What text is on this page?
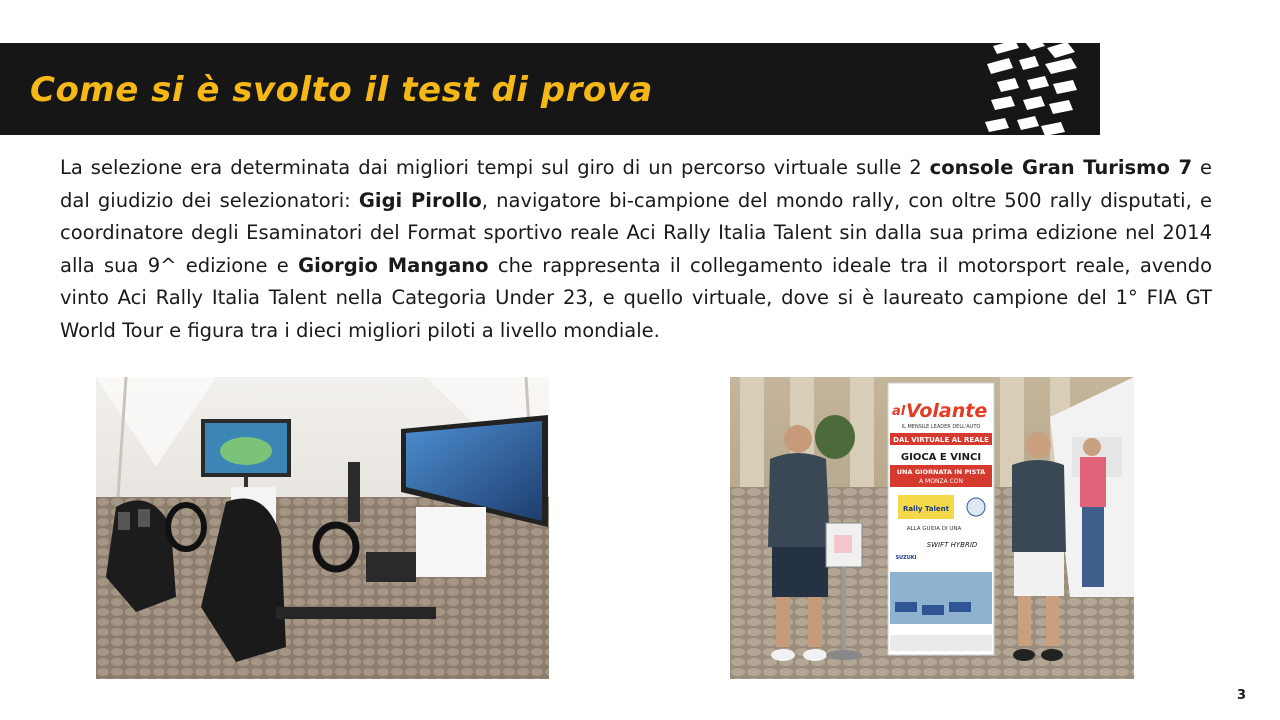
Come si è svolto il test di prova
La selezione era determinata dai migliori tempi sul giro di un percorso virtuale sulle 2 console Gran Turismo 7 e dal giudizio dei selezionatori: Gigi Pirollo, navigatore bi-campione del mondo rally, con oltre 500 rally disputati, e coordinatore degli Esaminatori del Format sportivo reale Aci Rally Italia Talent sin dalla sua prima edizione nel 2014 alla sua 9^ edizione e Giorgio Mangano che rappresenta il collegamento ideale tra il motorsport reale, avendo vinto Aci Rally Italia Talent nella Categoria Under 23, e quello virtuale, dove si è laureato campione del 1° FIA GT World Tour e figura tra i dieci migliori piloti a livello mondiale.
al Volante
IL MENSILE LEADER DELL'AUTO
DAL VIRTUALE AL REALE
GIOCA E VINCI
UNA GIORNATA IN PISTA
A MONZA CON
Rally Talent
ALLA GUIDA DI UNA
SWIFT HYBRID
SUZUKI
3
